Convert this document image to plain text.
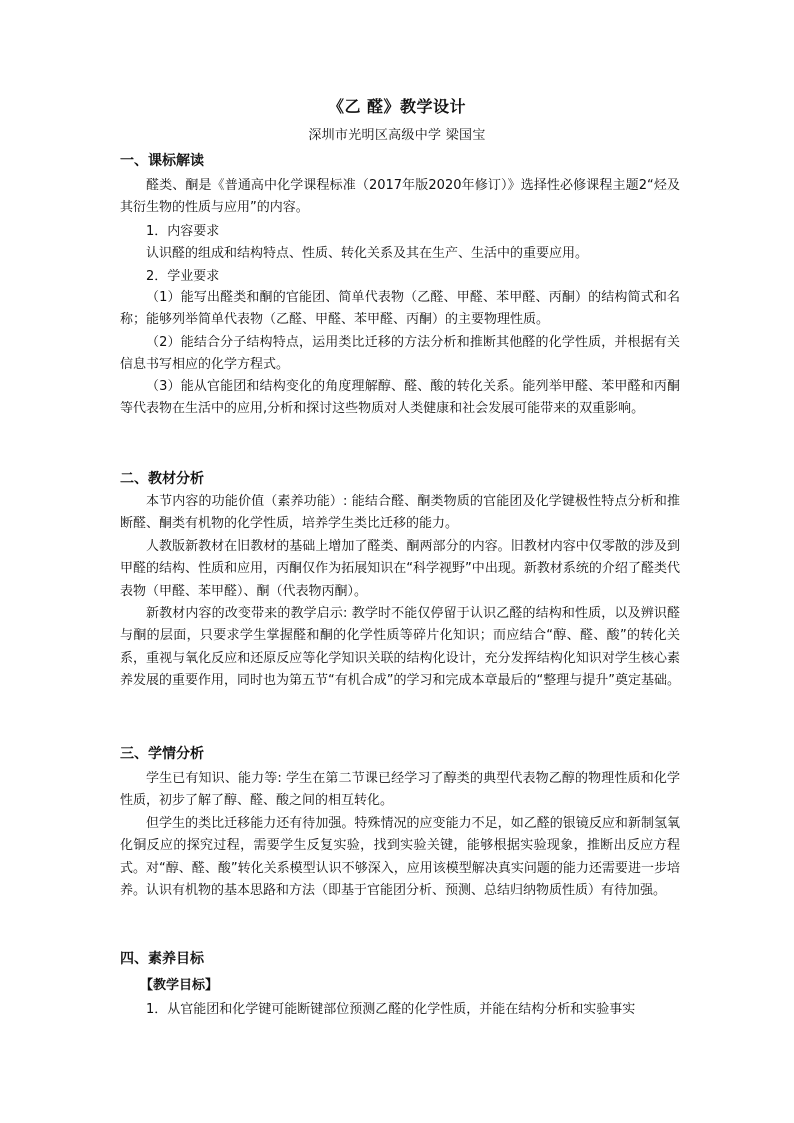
《乙 醛》教学设计
深圳市光明区高级中学 梁国宝
一、课标解读
醛类、酮是《普通高中化学课程标准（2017年版2020年修订）》选择性必修课程主题2“烃及其衍生物的性质与应用”的内容。
1．内容要求
认识醛的组成和结构特点、性质、转化关系及其在生产、生活中的重要应用。
2．学业要求
（1）能写出醛类和酮的官能团、简单代表物（乙醛、甲醛、苯甲醛、丙酮）的结构简式和名称；能够列举简单代表物（乙醛、甲醛、苯甲醛、丙酮）的主要物理性质。
（2）能结合分子结构特点，运用类比迁移的方法分析和推断其他醛的化学性质，并根据有关信息书写相应的化学方程式。
（3）能从官能团和结构变化的角度理解醇、醛、酸的转化关系。能列举甲醛、苯甲醛和丙酮等代表物在生活中的应用,分析和探讨这些物质对人类健康和社会发展可能带来的双重影响。
二、教材分析
本节内容的功能价值（素养功能）: 能结合醛、酮类物质的官能团及化学键极性特点分析和推断醛、酮类有机物的化学性质，培养学生类比迁移的能力。
人教版新教材在旧教材的基础上增加了醛类、酮两部分的内容。旧教材内容中仅零散的涉及到甲醛的结构、性质和应用，丙酮仅作为拓展知识在“科学视野”中出现。新教材系统的介绍了醛类代表物（甲醛、苯甲醛）、酮（代表物丙酮）。
新教材内容的改变带来的教学启示: 教学时不能仅停留于认识乙醛的结构和性质，以及辨识醛与酮的层面，只要求学生掌握醛和酮的化学性质等碎片化知识；而应结合“醇、醛、酸”的转化关系，重视与氧化反应和还原反应等化学知识关联的结构化设计，充分发挥结构化知识对学生核心素养发展的重要作用，同时也为第五节“有机合成”的学习和完成本章最后的“整理与提升”奠定基础。
三、学情分析
学生已有知识、能力等: 学生在第二节课已经学习了醇类的典型代表物乙醇的物理性质和化学性质，初步了解了醇、醛、酸之间的相互转化。
但学生的类比迁移能力还有待加强。特殊情况的应变能力不足，如乙醛的银镜反应和新制氢氧化铜反应的探究过程，需要学生反复实验，找到实验关键，能够根据实验现象，推断出反应方程式。对“醇、醛、酸”转化关系模型认识不够深入，应用该模型解决真实问题的能力还需要进一步培养。认识有机物的基本思路和方法（即基于官能团分析、预测、总结归纳物质性质）有待加强。
四、素养目标
【教学目标】
1．从官能团和化学键可能断键部位预测乙醛的化学性质，并能在结构分析和实验事实
